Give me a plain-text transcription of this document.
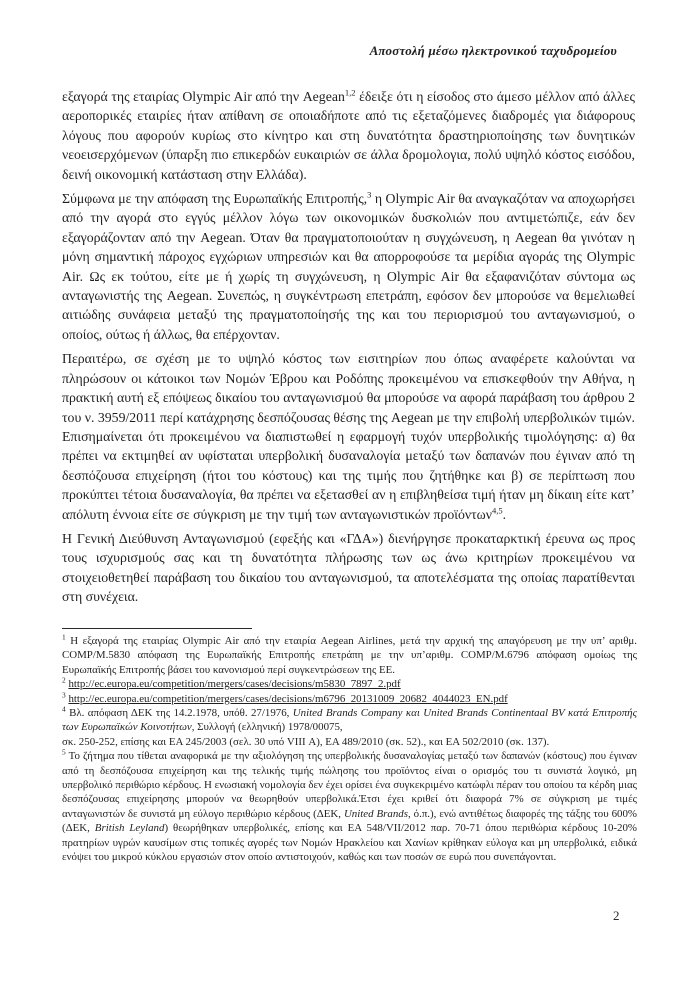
Αποστολή μέσω ηλεκτρονικού ταχυδρομείου

εξαγορά της εταιρίας Olympic Air από την Aegean$^{1,2}$ έδειξε ότι η είσοδος στο άμεσο μέλλον από άλλες αεροπορικές εταιρίες ήταν απίθανη σε οποιαδήποτε από τις εξεταζόμενες διαδρομές για διάφορους λόγους που αφορούν κυρίως στο κίνητρο και στη δυνατότητα δραστηριοποίησης των δυνητικών νεοεισερχόμενων (ύπαρξη πιο επικερδών ευκαιριών σε άλλα δρομολογια, πολύ υψηλό κόστος εισόδου, δεινή οικονομική κατάσταση στην Ελλάδα).

Σύμφωνα με την απόφαση της Ευρωπαϊκής Επιτροπής,$^3$ η Olympic Air θα αναγκαζόταν να αποχωρήσει από την αγορά στο εγγύς μέλλον λόγω των οικονομικών δυσκολιών που αντιμετώπιζε, εάν δεν εξαγοράζονταν από την Aegean. Όταν θα πραγματοποιούταν η συγχώνευση, η Aegean θα γινόταν η μόνη σημαντική πάροχος εγχώριων υπηρεσιών και θα απορροφούσε τα μερίδια αγοράς της Olympic Air. Ως εκ τούτου, είτε με ή χωρίς τη συγχώνευση, η Olympic Air θα εξαφανιζόταν σύντομα ως ανταγωνιστής της Aegean. Συνεπώς, η συγκέντρωση επετράπη, εφόσον δεν μπορούσε να θεμελιωθεί αιτιώδης συνάφεια μεταξύ της πραγματοποίησής της και του περιορισμού του ανταγωνισμού, ο οποίος, ούτως ή άλλως, θα επέρχονταν.

Περαιτέρω, σε σχέση με το υψηλό κόστος των εισιτηρίων που όπως αναφέρετε καλούνται να πληρώσουν οι κάτοικοι των Νομών Έβρου και Ροδόπης προκειμένου να επισκεφθούν την Αθήνα, η πρακτική αυτή εξ επόψεως δικαίου του ανταγωνισμού θα μπορούσε να αφορά παράβαση του άρθρου 2 του ν. 3959/2011 περί κατάχρησης δεσπόζουσας θέσης της Aegean με την επιβολή υπερβολικών τιμών. Επισημαίνεται ότι προκειμένου να διαπιστωθεί η εφαρμογή τυχόν υπερβολικής τιμολόγησης: α) θα πρέπει να εκτιμηθεί αν υφίσταται υπερβολική δυσαναλογία μεταξύ των δαπανών που έγιναν από τη δεσπόζουσα επιχείρηση (ήτοι του κόστους) και της τιμής που ζητήθηκε και β) σε περίπτωση που προκύπτει τέτοια δυσαναλογία, θα πρέπει να εξετασθεί αν η επιβληθείσα τιμή ήταν μη δίκαιη είτε κατ’ απόλυτη έννοια είτε σε σύγκριση με την τιμή των ανταγωνιστικών προϊόντων$^{4,5}$.

Η Γενική Διεύθυνση Ανταγωνισμού (εφεξής και «ΓΔΑ») διενήργησε προκαταρκτική έρευνα ως προς τους ισχυρισμούς σας και τη δυνατότητα πλήρωσης των ως άνω κριτηρίων προκειμένου να στοιχειοθετηθεί παράβαση του δικαίου του ανταγωνισμού, τα αποτελέσματα της οποίας παρατίθενται στη συνέχεια.

$^1$ Η εξαγορά της εταιρίας Olympic Air από την εταιρία Aegean Airlines, μετά την αρχική της απαγόρευση με την υπ’ αριθμ. COMP/M.5830 απόφαση της Ευρωπαϊκής Επιτροπής επετράπη με την υπ’αριθμ. COMP/M.6796 απόφαση ομοίως της Ευρωπαϊκής Επιτροπής βάσει του κανονισμού περί συγκεντρώσεων της ΕΕ.
$^2$ http://ec.europa.eu/competition/mergers/cases/decisions/m5830_7897_2.pdf
$^3$ http://ec.europa.eu/competition/mergers/cases/decisions/m6796_20131009_20682_4044023_EN.pdf
$^4$ Βλ. απόφαση ΔΕΚ της 14.2.1978, υπόθ. 27/1976, United Brands Company και United Brands Continentaal BV κατά Επιτροπής των Ευρωπαϊκών Κοινοτήτων, Συλλογή (ελληνική) 1978/00075,
σκ. 250-252, επίσης και ΕΑ 245/2003 (σελ. 30 υπό VIII Α), ΕΑ 489/2010 (σκ. 52)., και ΕΑ 502/2010 (σκ. 137).
$^5$ Το ζήτημα που τίθεται αναφορικά με την αξιολόγηση της υπερβολικής δυσαναλογίας μεταξύ των δαπανών (κόστους) που έγιναν από τη δεσπόζουσα επιχείρηση και της τελικής τιμής πώλησης του προϊόντος είναι ο ορισμός του τι συνιστά λογικό, μη υπερβολικό περιθώριο κέρδους. Η ενωσιακή νομολογία δεν έχει ορίσει ένα συγκεκριμένο κατώφλι πέραν του οποίου τα κέρδη μιας δεσπόζουσας επιχείρησης μπορούν να θεωρηθούν υπερβολικά.Έτσι έχει κριθεί ότι διαφορά 7% σε σύγκριση με τιμές ανταγωνιστών δε συνιστά μη εύλογο περιθώριο κέρδους (ΔΕΚ, United Brands, ό.π.), ενώ αντιθέτως διαφορές της τάξης του 600% (ΔΕΚ, British Leyland) θεωρήθηκαν υπερβολικές, επίσης και ΕΑ 548/VII/2012 παρ. 70-71 όπου περιθώρια κέρδους 10-20% πρατηρίων υγρών καυσίμων στις τοπικές αγορές των Νομών Ηρακλείου και Χανίων κρίθηκαν εύλογα και μη υπερβολικά, ειδικά ενόψει του μικρού κύκλου εργασιών στον οποίο αντιστοιχούν, καθώς και των ποσών σε ευρώ που συνεπάγονται.
2
